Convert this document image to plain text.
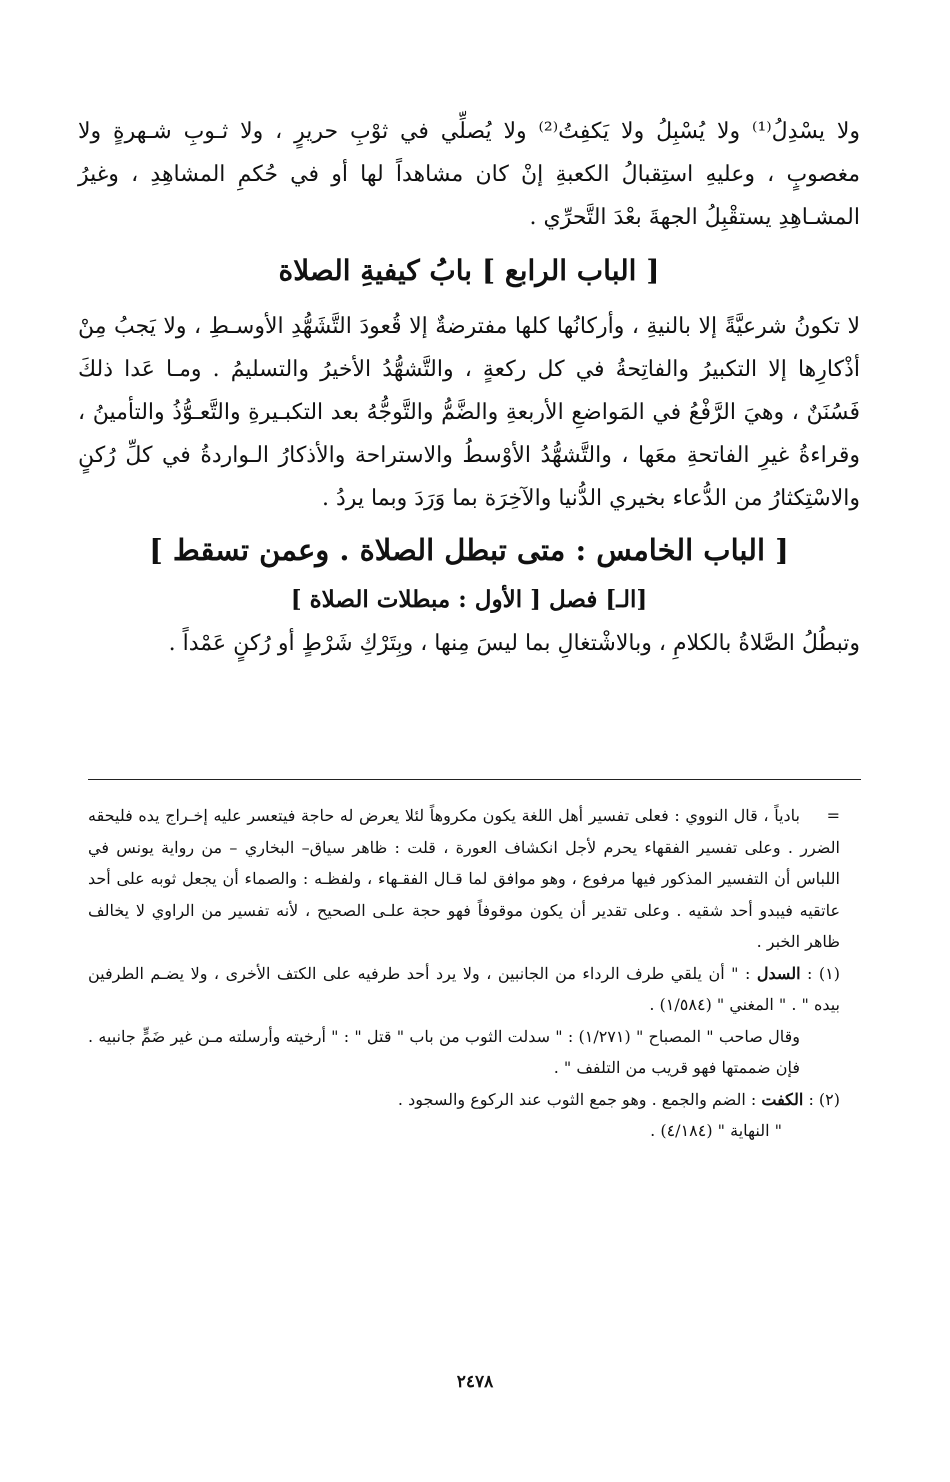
ولا يسْدِلُ⁽¹⁾ ولا يُسْبِلُ ولا يَكفِتُ⁽²⁾ ولا يُصلِّي في ثوْبِ حريرٍ ، ولا ثـوبِ شـهرةٍ ولا مغصوبٍ ، وعليهِ استِقبالُ الكعبةِ إنْ كان مشاهداً لها أو في حُكمِ المشاهِدِ ، وغيرُ المشـاهِدِ يستقْبِلُ الجهةَ بعْدَ التَّحرِّي .

[ الباب الرابع ] بابُ كيفيةِ الصلاة

لا تكونُ شرعيَّةً إلا بالنيةِ ، وأركانُها كلها مفترضةٌ إلا قُعودَ التَّشَهُّدِ الأوسـطِ ، ولا يَجبُ مِنْ أذْكارِها إلا التكبيرُ والفاتِحةُ في كل ركعةٍ ، والتَّشهُّدُ الأخيرُ والتسليمُ . ومـا عَدا ذلكَ فَسُنَنٌ ، وهيَ الرَّفْعُ في المَواضعِ الأربعةِ والضَّمُّ والتَّوجُّهُ بعد التكبـيرةِ والتَّعـوُّذُ والتأمينُ ، وقراءةُ غيرِ الفاتحةِ معَها ، والتَّشهُّدُ الأوْسطُ والاستراحة والأذكارُ الـواردةُ في كلِّ رُكنٍ والاسْتِكثارُ من الدُّعاء بخيري الدُّنيا والآخِرَة بما وَرَدَ وبما يردُ .

[ الباب الخامس : متى تبطل الصلاة . وعمن تسقط ]

[الـ] فصل [ الأول : مبطلات الصلاة ]

وتبطُلُ الصَّلاةُ بالكلامِ ، وبالاشْتغالِ بما ليسَ مِنها ، وبِتَرْكِ شَرْطٍ أو رُكنٍ عَمْداً .

=بادياً ، قال النووي : فعلى تفسير أهل اللغة يكون مكروهاً لئلا يعرض له حاجة فيتعسر عليه إخـراج يده فليحقه الضرر . وعلى تفسير الفقهاء يحرم لأجل انكشاف العورة ، قلت : ظاهر سياق– البخاري – من رواية يونس في اللباس أن التفسير المذكور فيها مرفوع ، وهو موافق لما قـال الفقـهاء ، ولفظـه : والصماء أن يجعل ثوبه على أحد عاتقيه فيبدو أحد شقيه . وعلى تقدير أن يكون موقوفاً فهو حجة علـى الصحيح ، لأنه تفسير من الراوي لا يخالف ظاهر الخبر .

(١) : السدل : " أن يلقي طرف الرداء من الجانبين ، ولا يرد أحد طرفيه على الكتف الأخرى ، ولا يضـم الطرفين بيده " . " المغني " (١/٥٨٤) .

وقال صاحب " المصباح " (١/٢٧١) : " سدلت الثوب من باب " قتل " : " أرخيته وأرسلته مـن غير ضَمٍّ جانبيه . فإن ضممتها فهو قريب من التلفف " .

(٢) : الكفت : الضم والجمع . وهو جمع الثوب عند الركوع والسجود .

" النهاية " (٤/١٨٤) .

٢٤٧٨
